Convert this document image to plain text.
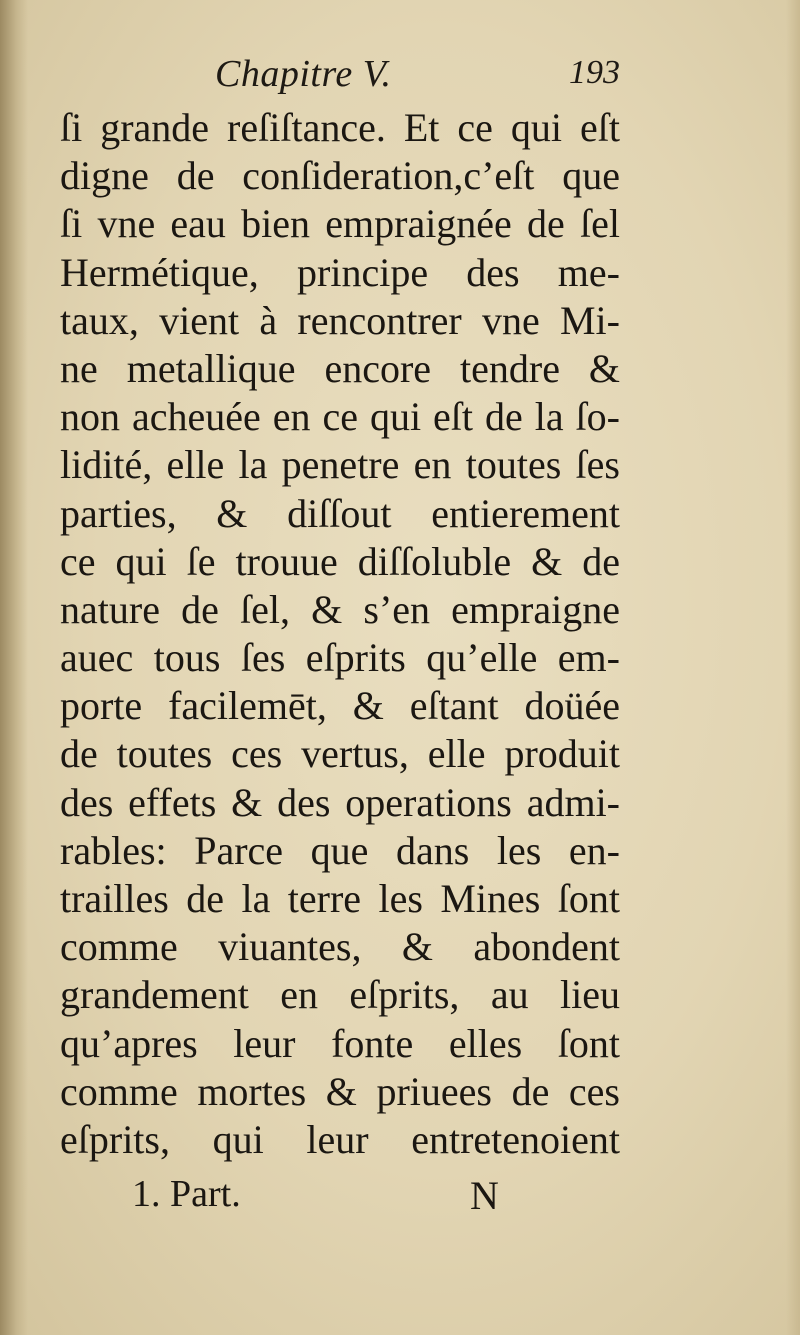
Chapitre V.	193
ſi grande reſiſtance. Et ce qui eſt
digne de conſideration,c’eſt que
ſi vne eau bien empraignée de ſel
Hermétique, principe des me-
taux, vient à rencontrer vne Mi-
ne metallique encore tendre &
non acheuée en ce qui eſt de la ſo-
lidité, elle la penetre en toutes ſes
parties, & diſſout entierement
ce qui ſe trouue diſſoluble & de
nature de ſel, & s’en empraigne
auec tous ſes eſprits qu’elle em-
porte facilemēt, & eſtant doüée
de toutes ces vertus, elle produit
des effets & des operations admi-
rables: Parce que dans les en-
trailles de la terre les Mines ſont
comme viuantes, & abondent
grandement en eſprits, au lieu
qu’apres leur fonte elles ſont
comme mortes & priuees de ces
eſprits, qui leur entretenoient
1. Part.	N
